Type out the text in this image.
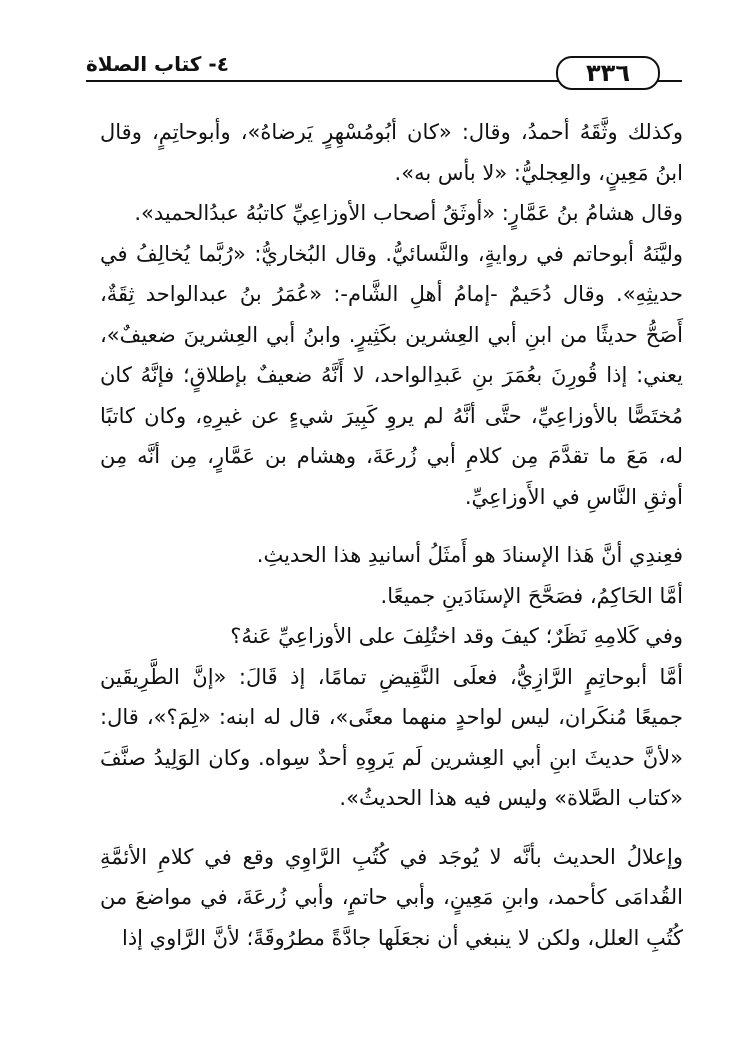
٤- كتاب الصلاة	٣٣٦

وكذلك وثَّقَهُ أحمدُ، وقال: «كان أبُومُسْهِرٍ يَرضاهُ»، وأبوحاتِمٍ، وقال ابنُ مَعِينٍ، والعِجليُّ: «لا بأس به».

وقال هشامُ بنُ عَمَّارٍ: «أوثَقُ أصحاب الأوزاعِيِّ كاتبُهُ عبدُالحميد».

وليَّنَهُ أبوحاتم في روايةٍ، والنَّسائيُّ. وقال البُخاريُّ: «رُبَّما يُخالِفُ في حديثِهِ». وقال دُحَيمٌ -إمامُ أهلِ الشَّام-: «عُمَرُ بنُ عبدالواحد ثِقَةٌ، أَصَحُّ حديثًا من ابنِ أبي العِشرين بكَثِيرٍ. وابنُ أبي العِشرينَ ضعيفٌ»، يعني: إذا قُورِنَ بعُمَرَ بنِ عَبدِالواحد، لا أَنَّهُ ضعيفٌ بإطلاقٍ؛ فإنَّهُ كان مُختَصًّا بالأوزاعِيِّ، حتَّى أنَّهُ لم يروِ كَبِيرَ شيءٍ عن غيرِهِ، وكان كاتبًا له، مَعَ ما تقدَّمَ مِن كلامِ أبي زُرعَةَ، وهشام بن عَمَّارٍ، مِن أنَّه مِن أوثقِ النَّاسِ في الأَوزاعِيِّ.

فعِندِي أنَّ هَذا الإسنادَ هو أَمثَلُ أسانيدِ هذا الحديثِ.

أمَّا الحَاكِمُ، فصَحَّحَ الإسنَادَينِ جميعًا.

وفي كَلامِهِ نَظَرٌ؛ كيفَ وقد اختُلِفَ على الأوزاعِيِّ عَنهُ؟

أمَّا أبوحاتِمٍ الرَّازِيُّ، فعلَى النَّقِيضِ تمامًا، إذ قَالَ: «إنَّ الطَّرِيقَين جميعًا مُنكَران، ليس لواحدٍ منهما معنًى»، قال له ابنه: «لِمَ؟»، قال: «لأنَّ حديثَ ابنِ أبي العِشرين لَم يَروِهِ أحدٌ سِواه. وكان الوَلِيدُ صنَّفَ «كتاب الصَّلاة» وليس فيه هذا الحديثُ».

وإعلالُ الحديث بأنَّه لا يُوجَد في كُتُبِ الرَّاوِي وقع في كلامِ الأئمَّةِ القُدامَى كأحمد، وابنِ مَعِينٍ، وأبي حاتمٍ، وأبي زُرعَةَ، في مواضعَ من كُتُبِ العلل، ولكن لا ينبغي أن نجعَلَها جادَّةً مطرُوقَةً؛ لأنَّ الرَّاوي إذا
